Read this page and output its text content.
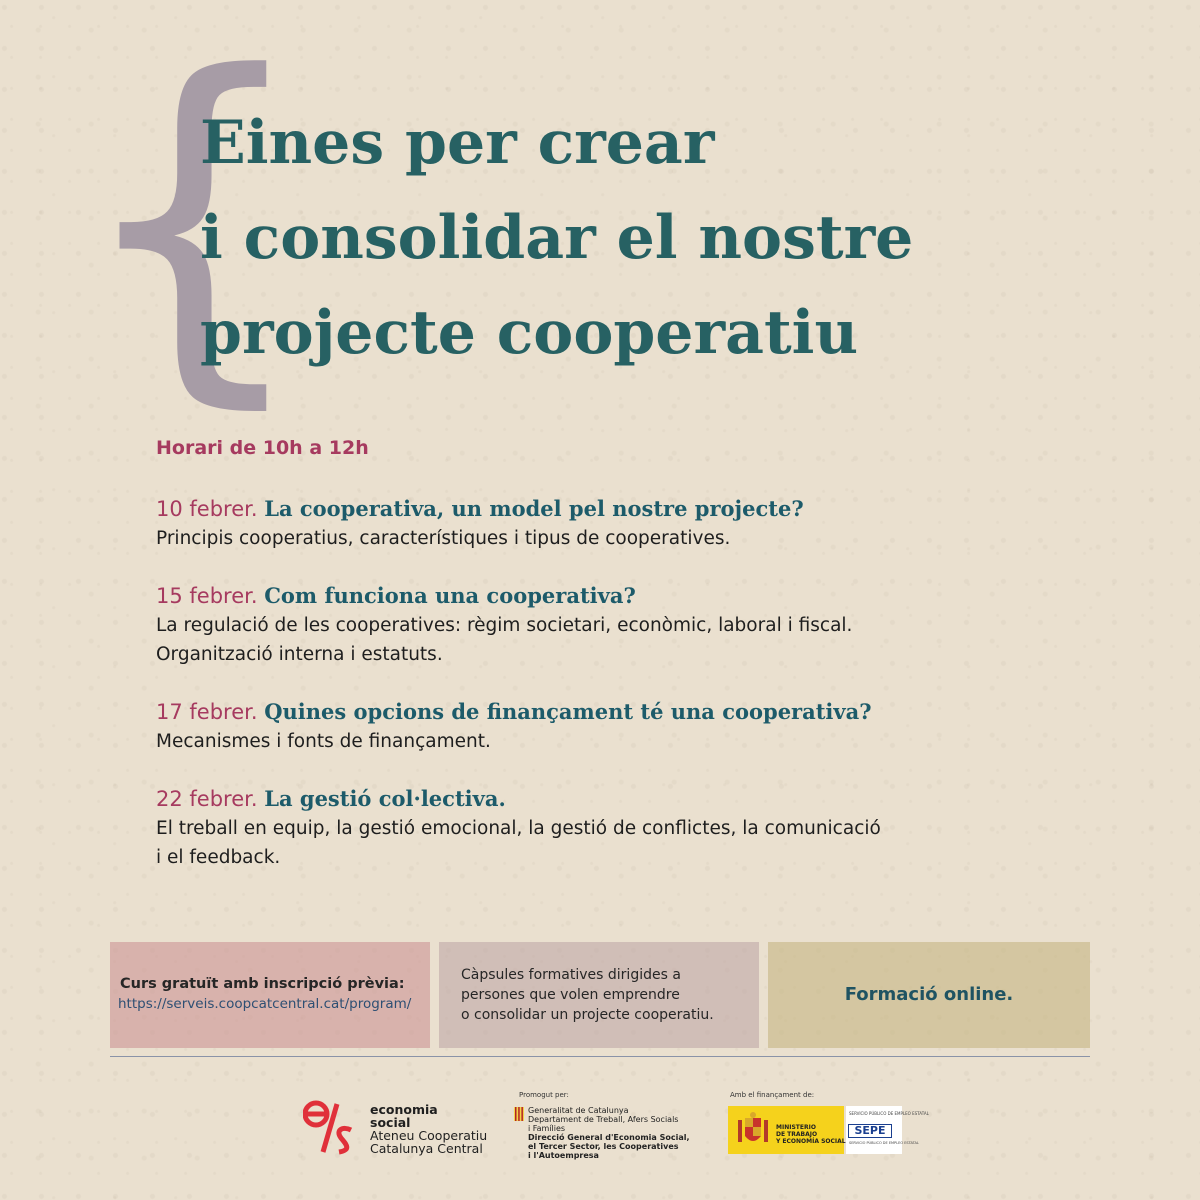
{
Eines per crear
i consolidar el nostre
projecte cooperatiu
Horari de 10h a 12h
10 febrer. La cooperativa, un model pel nostre projecte?
Principis cooperatius, característiques i tipus de cooperatives.
15 febrer. Com funciona una cooperativa?
La regulació de les cooperatives: règim societari, econòmic, laboral i fiscal.
Organització interna i estatuts.
17 febrer. Quines opcions de finançament té una cooperativa?
Mecanismes i fonts de finançament.
22 febrer. La gestió col·lectiva.
El treball en equip, la gestió emocional, la gestió de conflictes, la comunicació
i el feedback.
Curs gratuït amb inscripció prèvia:
https://serveis.coopcatcentral.cat/program/
Càpsules formatives dirigides a
persones que volen emprendre
o consolidar un projecte cooperatiu.
Formació online.
economia
social
Ateneu Cooperatiu
Catalunya Central
Promogut per:
Generalitat de Catalunya
Departament de Treball, Afers Socials
i Famílies
Direcció General d'Economia Social,
el Tercer Sector, les Cooperatives
i l'Autoempresa
Amb el finançament de:
MINISTERIO
DE TRABAJO
Y ECONOMÍA SOCIAL
SERVICIO PÚBLICO DE EMPLEO ESTATAL
SEPE
SERVICIO PÚBLICO DE EMPLEO ESTATAL
